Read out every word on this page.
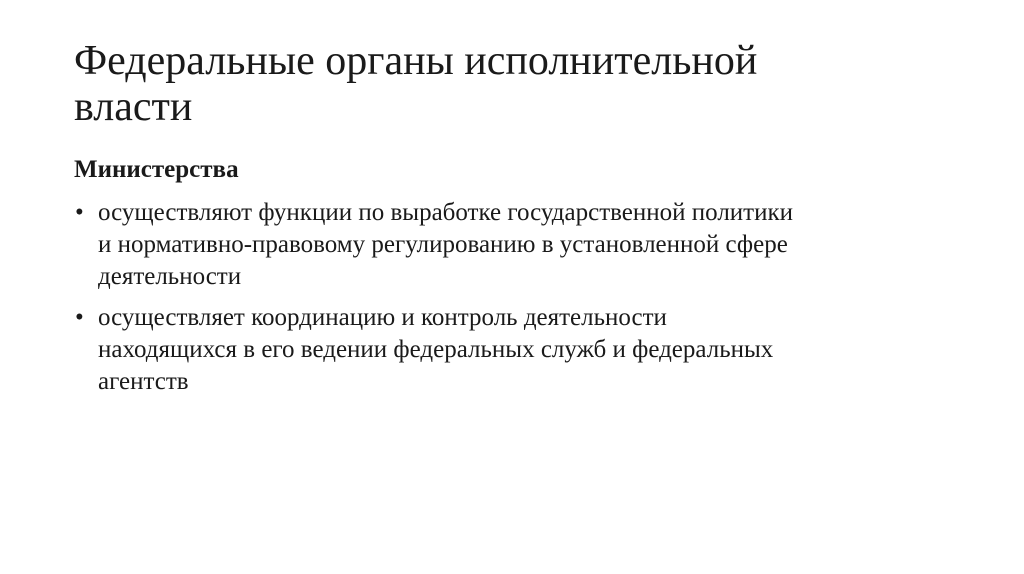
Федеральные органы исполнительной
власти
Министерства
• осуществляют функции по выработке государственной политики
и нормативно-правовому регулированию в установленной сфере
деятельности
• осуществляет координацию и контроль деятельности
находящихся в его ведении федеральных служб и федеральных
агентств
